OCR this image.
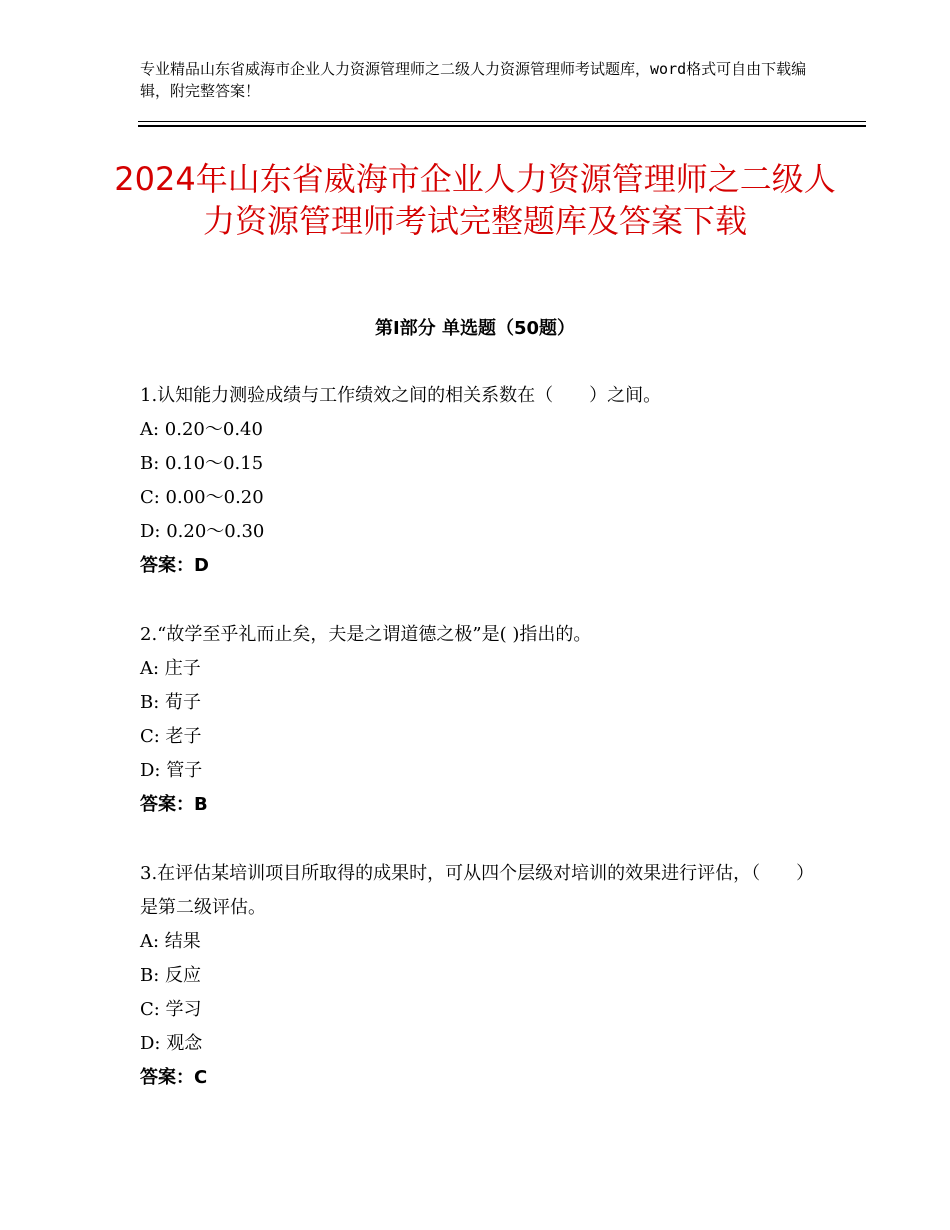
专业精品山东省威海市企业人力资源管理师之二级人力资源管理师考试题库，word格式可自由下载编辑，附完整答案！
2024年山东省威海市企业人力资源管理师之二级人力资源管理师考试完整题库及答案下载
第Ⅰ部分 单选题（50题）
1.认知能力测验成绩与工作绩效之间的相关系数在（　　）之间。
A: 0.20～0.40
B: 0.10～0.15
C: 0.00～0.20
D: 0.20～0.30
答案：D
2.“故学至乎礼而止矣，夫是之谓道德之极”是( )指出的。
A: 庄子
B: 荀子
C: 老子
D: 管子
答案：B
3.在评估某培训项目所取得的成果时，可从四个层级对培训的效果进行评估，（　　）是第二级评估。
A: 结果
B: 反应
C: 学习
D: 观念
答案：C
